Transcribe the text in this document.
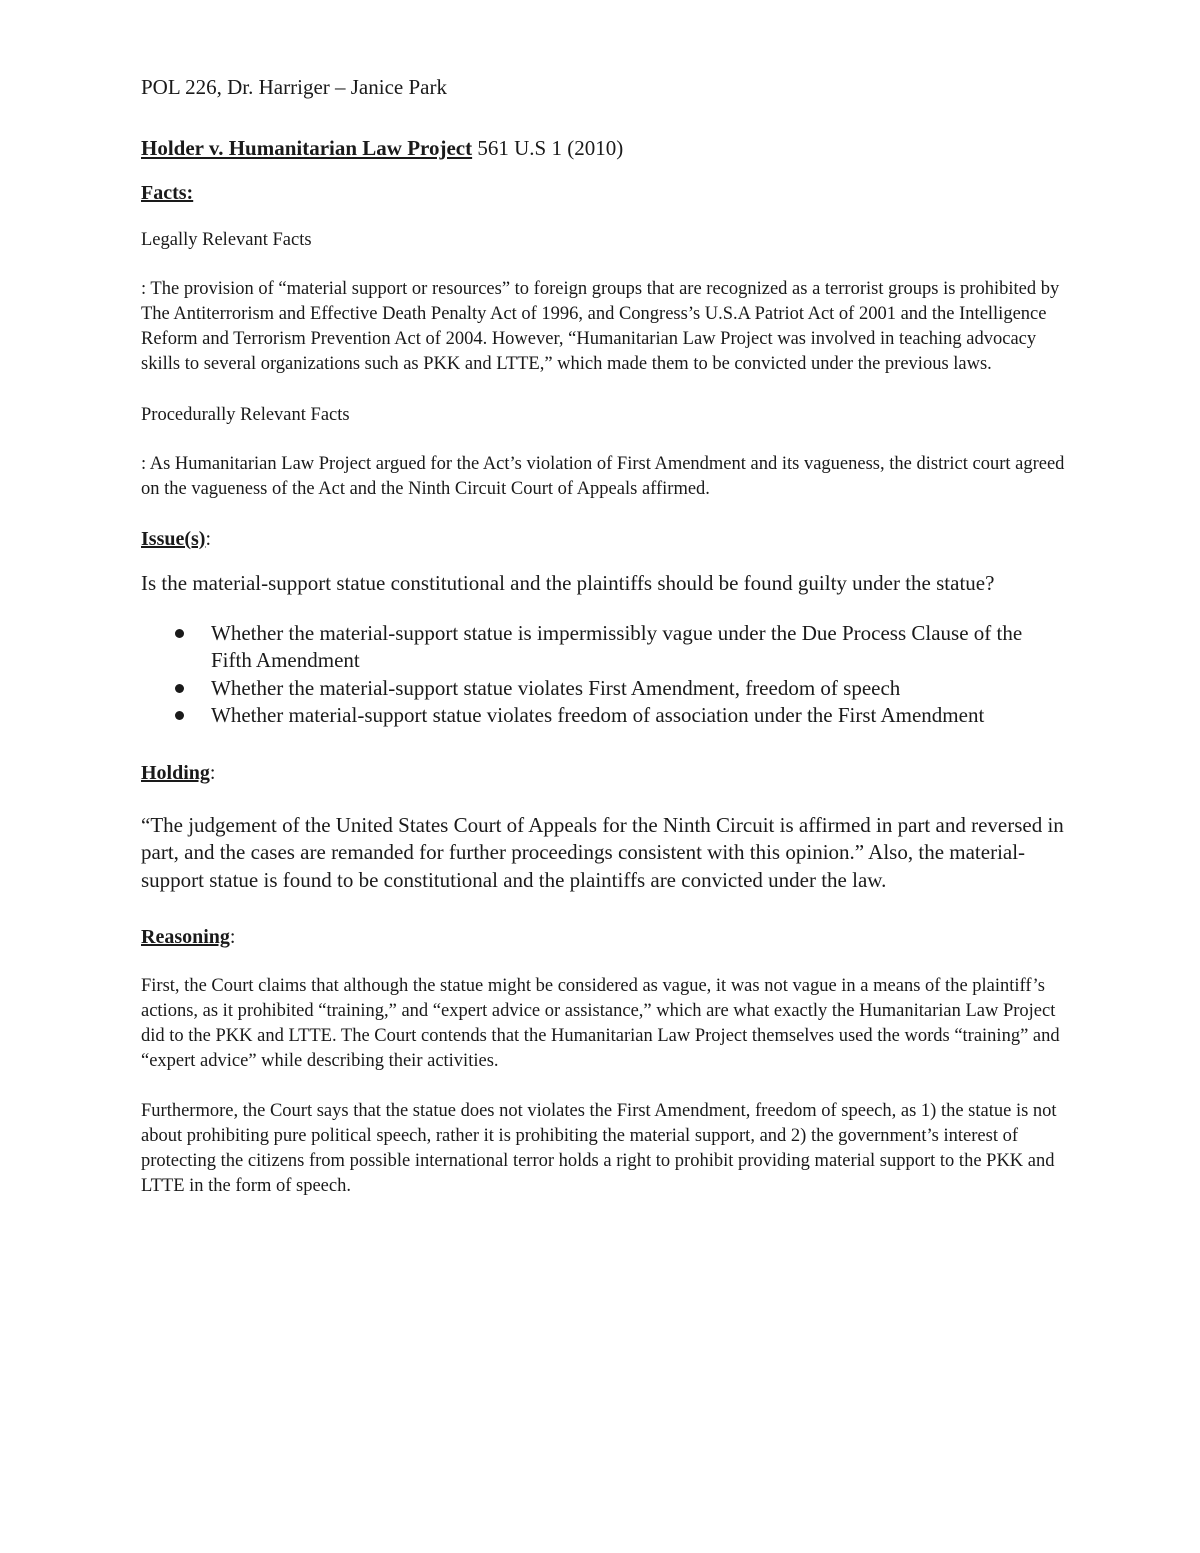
POL 226, Dr. Harriger – Janice Park

Holder v. Humanitarian Law Project 561 U.S 1 (2010)

Facts:

Legally Relevant Facts

: The provision of “material support or resources” to foreign groups that are recognized as a terrorist groups is prohibited by The Antiterrorism and Effective Death Penalty Act of 1996, and Congress’s U.S.A Patriot Act of 2001 and the Intelligence Reform and Terrorism Prevention Act of 2004. However, “Humanitarian Law Project was involved in teaching advocacy skills to several organizations such as PKK and LTTE,” which made them to be convicted under the previous laws.

Procedurally Relevant Facts

: As Humanitarian Law Project argued for the Act’s violation of First Amendment and its vagueness, the district court agreed on the vagueness of the Act and the Ninth Circuit Court of Appeals affirmed.

Issue(s):

Is the material-support statue constitutional and the plaintiffs should be found guilty under the statue?

Whether the material-support statue is impermissibly vague under the Due Process Clause of the Fifth Amendment
Whether the material-support statue violates First Amendment, freedom of speech
Whether material-support statue violates freedom of association under the First Amendment

Holding:

“The judgement of the United States Court of Appeals for the Ninth Circuit is affirmed in part and reversed in part, and the cases are remanded for further proceedings consistent with this opinion.” Also, the material-support statue is found to be constitutional and the plaintiffs are convicted under the law.

Reasoning:

First, the Court claims that although the statue might be considered as vague, it was not vague in a means of the plaintiff’s actions, as it prohibited “training,” and “expert advice or assistance,” which are what exactly the Humanitarian Law Project did to the PKK and LTTE. The Court contends that the Humanitarian Law Project themselves used the words “training” and “expert advice” while describing their activities.

Furthermore, the Court says that the statue does not violates the First Amendment, freedom of speech, as 1) the statue is not about prohibiting pure political speech, rather it is prohibiting the material support, and 2) the government’s interest of protecting the citizens from possible international terror holds a right to prohibit providing material support to the PKK and LTTE in the form of speech.
